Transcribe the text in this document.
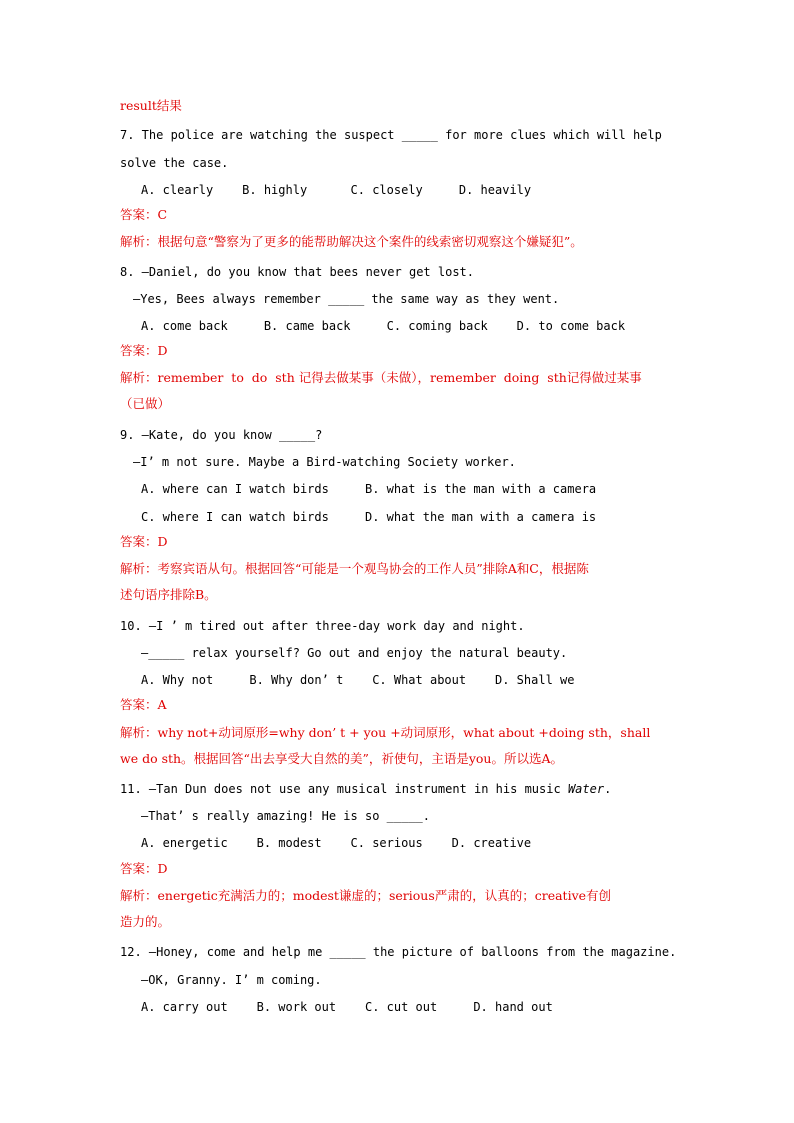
result结果
7. The police are watching the suspect _____ for more clues which will help
solve the case.
A. clearly    B. highly      C. closely     D. heavily
答案：C
解析：根据句意“警察为了更多的能帮助解决这个案件的线索密切观察这个嫌疑犯”。
8. —Daniel, do you know that bees never get lost.
—Yes, Bees always remember _____ the same way as they went.
A. come back     B. came back     C. coming back    D. to come back
答案：D
解析：remember  to  do  sth 记得去做某事（未做），remember  doing  sth记得做过某事
（已做）
9. —Kate, do you know _____?
—I’ m not sure. Maybe a Bird-watching Society worker.
A. where can I watch birds     B. what is the man with a camera
C. where I can watch birds     D. what the man with a camera is
答案：D
解析：考察宾语从句。根据回答“可能是一个观鸟协会的工作人员”排除A和C，根据陈
述句语序排除B。
10. —I ’ m tired out after three-day work day and night.
—_____ relax yourself? Go out and enjoy the natural beauty.
A. Why not     B. Why don’ t    C. What about    D. Shall we
答案：A
解析：why not+动词原形=why don’ t + you +动词原形，what about +doing sth，shall
we do sth。根据回答“出去享受大自然的美”，祈使句，主语是you。所以选A。
11. —Tan Dun does not use any musical instrument in his music Water.
—That’ s really amazing! He is so _____.
A. energetic    B. modest    C. serious    D. creative
答案：D
解析：energetic充满活力的；modest谦虚的；serious严肃的，认真的；creative有创
造力的。
12. —Honey, come and help me _____ the picture of balloons from the magazine.
—OK, Granny. I’ m coming.
A. carry out    B. work out    C. cut out     D. hand out
